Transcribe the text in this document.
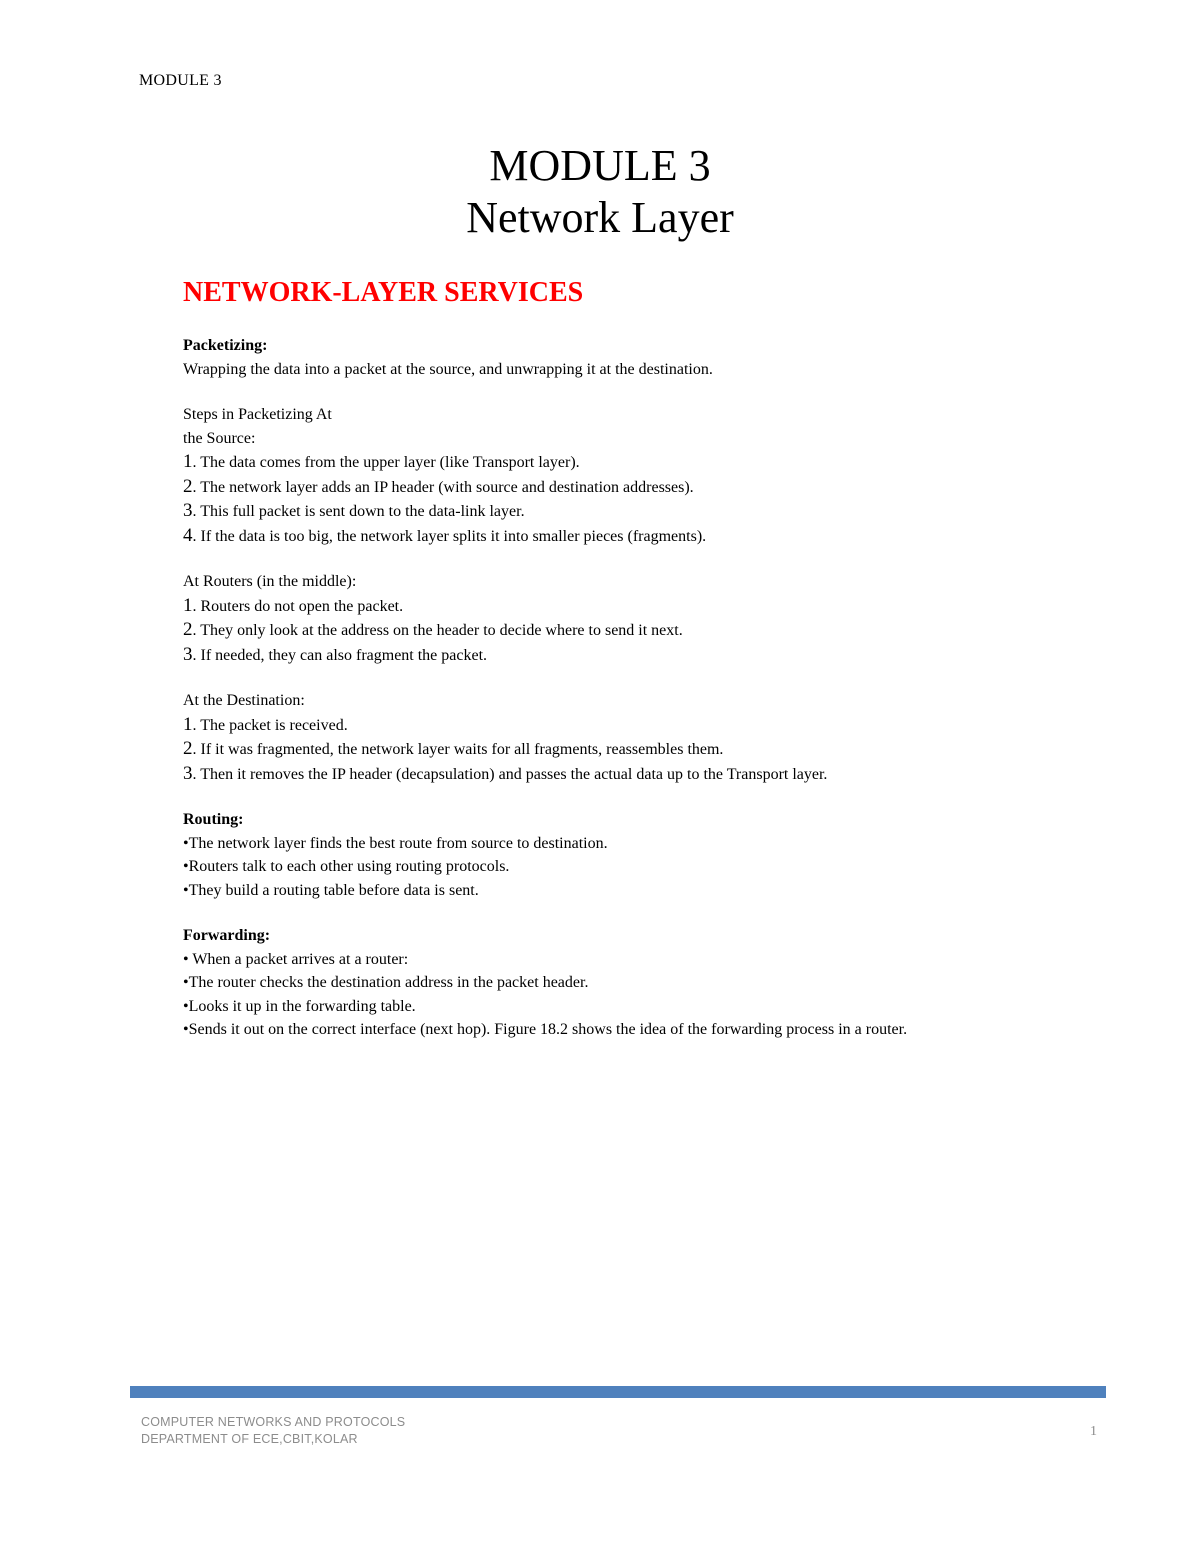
MODULE 3
MODULE 3
Network Layer
NETWORK-LAYER SERVICES
Packetizing:
Wrapping the data into a packet at the source, and unwrapping it at the destination.
Steps in Packetizing At
the Source:
1. The data comes from the upper layer (like Transport layer).
2. The network layer adds an IP header (with source and destination addresses).
3. This full packet is sent down to the data-link layer.
4. If the data is too big, the network layer splits it into smaller pieces (fragments).
At Routers (in the middle):
1. Routers do not open the packet.
2. They only look at the address on the header to decide where to send it next.
3. If needed, they can also fragment the packet.
At the Destination:
1. The packet is received.
2. If it was fragmented, the network layer waits for all fragments, reassembles them.
3. Then it removes the IP header (decapsulation) and passes the actual data up to the Transport layer.
Routing:
•The network layer finds the best route from source to destination.
•Routers talk to each other using routing protocols.
•They build a routing table before data is sent.
Forwarding:
• When a packet arrives at a router:
•The router checks the destination address in the packet header.
•Looks it up in the forwarding table.
•Sends it out on the correct interface (next hop). Figure 18.2 shows the idea of the forwarding process in a router.
COMPUTER NETWORKS AND PROTOCOLS
DEPARTMENT OF ECE,CBIT,KOLAR	1
